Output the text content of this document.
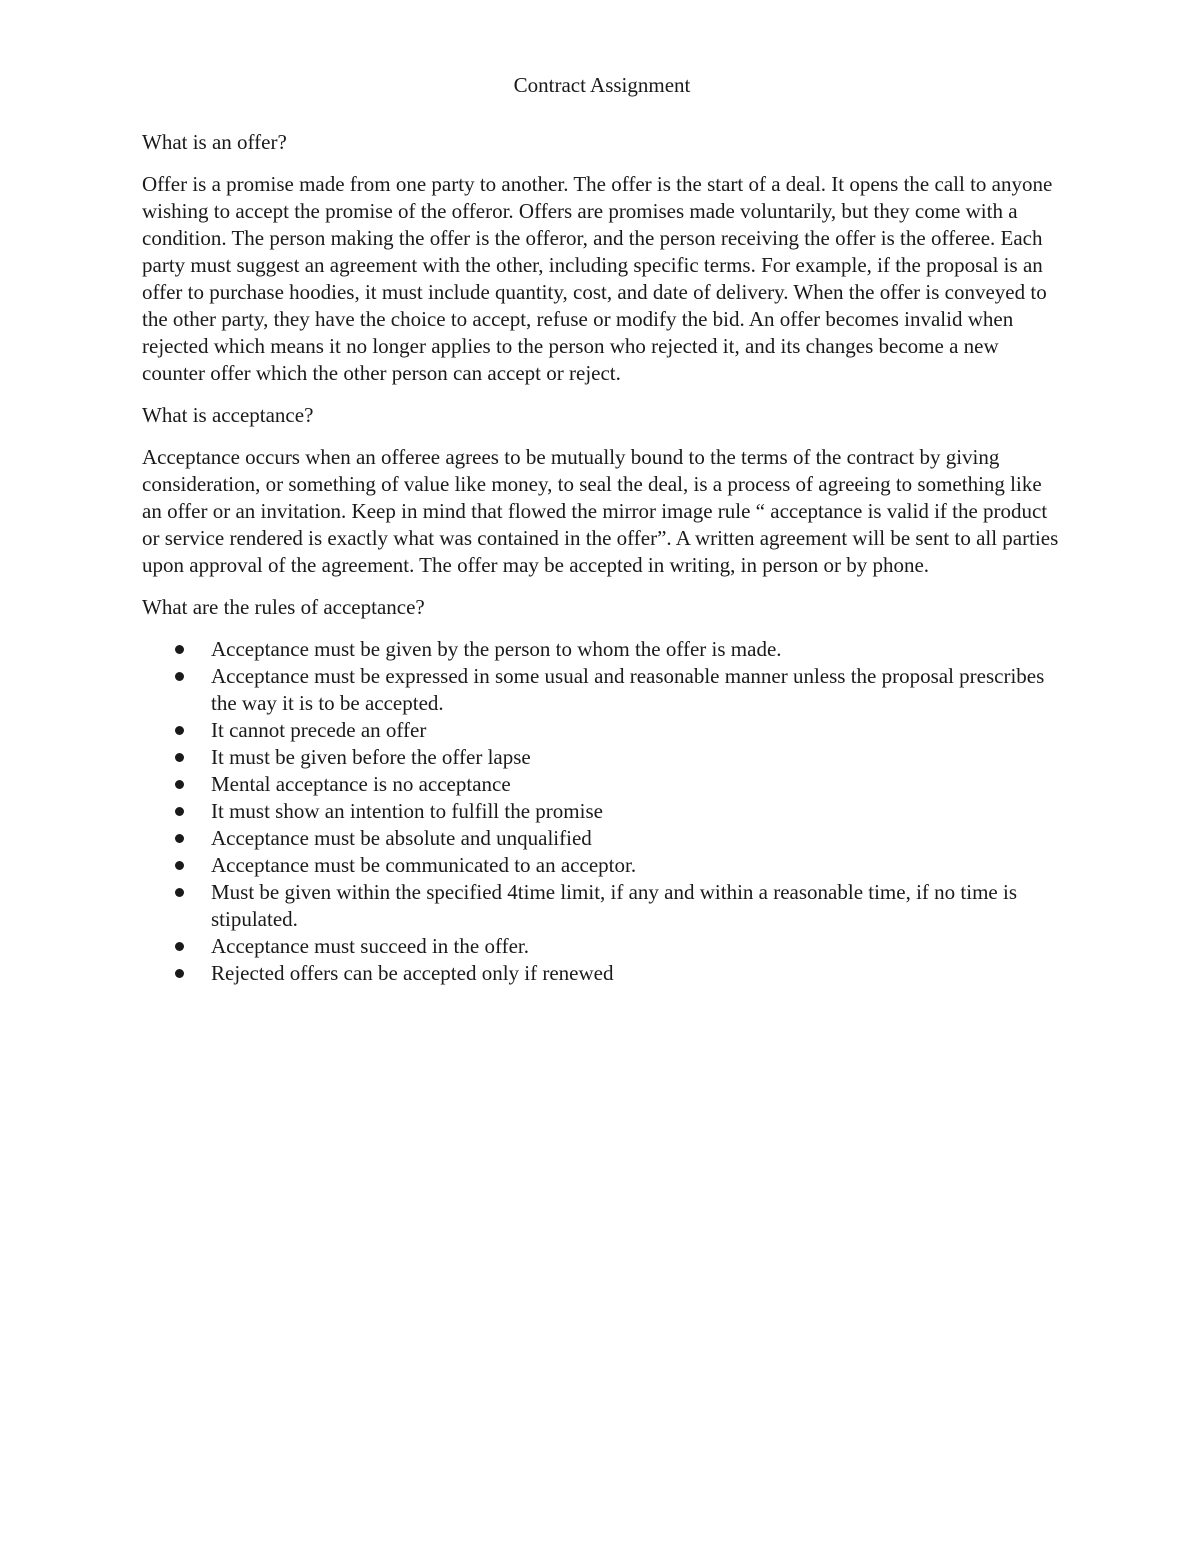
Contract Assignment

What is an offer?

Offer is a promise made from one party to another. The offer is the start of a deal. It opens the call to anyone wishing to accept the promise of the offeror. Offers are promises made voluntarily, but they come with a condition. The person making the offer is the offeror, and the person receiving the offer is the offeree. Each party must suggest an agreement with the other, including specific terms. For example, if the proposal is an offer to purchase hoodies, it must include quantity, cost, and date of delivery. When the offer is conveyed to the other party, they have the choice to accept, refuse or modify the bid. An offer becomes invalid when rejected which means it no longer applies to the person who rejected it, and its changes become a new counter offer which the other person can accept or reject.

What is acceptance?

Acceptance occurs when an offeree agrees to be mutually bound to the terms of the contract by giving consideration, or something of value like money, to seal the deal, is a process of agreeing to something like an offer or an invitation. Keep in mind that flowed the mirror image rule “ acceptance is valid if the product or service rendered is exactly what was contained in the offer”. A written agreement will be sent to all parties upon approval of the agreement. The offer may be accepted in writing, in person or by phone.

What are the rules of acceptance?

Acceptance must be given by the person to whom the offer is made.
Acceptance must be expressed in some usual and reasonable manner unless the proposal prescribes the way it is to be accepted.
It cannot precede an offer
It must be given before the offer lapse
Mental acceptance is no acceptance
It must show an intention to fulfill the promise
Acceptance must be absolute and unqualified
Acceptance must be communicated to an acceptor.
Must be given within the specified 4time limit, if any and within a reasonable time, if no time is stipulated.
Acceptance must succeed in the offer.
Rejected offers can be accepted only if renewed
